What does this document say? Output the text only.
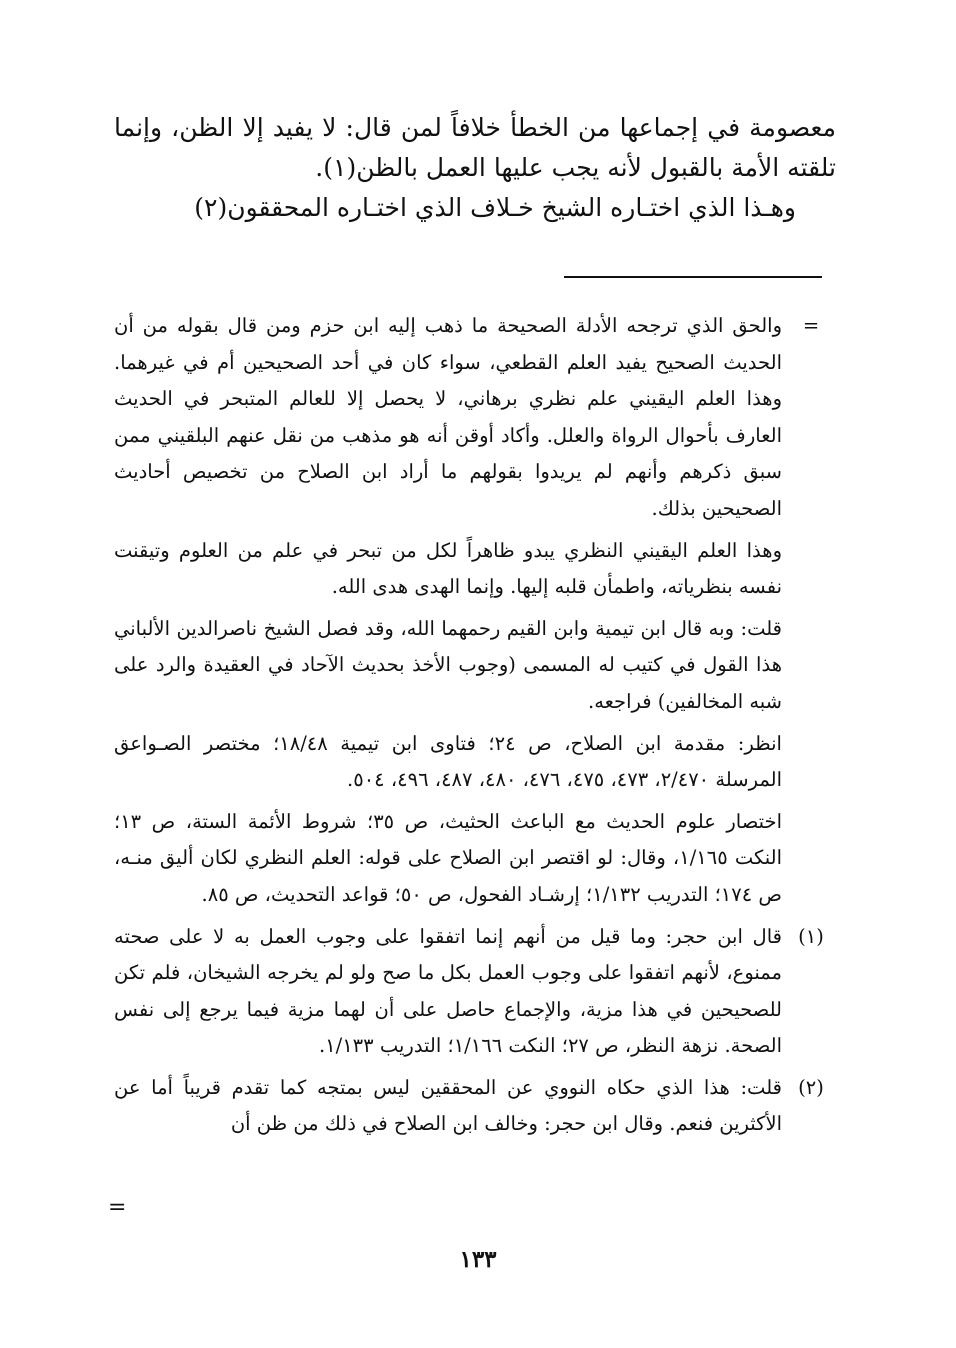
معصومة في إجماعها من الخطأ خلافاً لمن قال: لا يفيد إلا الظن، وإنما تلقته الأمة بالقبول لأنه يجب عليها العمل بالظن(١).

وهـذا الذي اختـاره الشيخ خـلاف الذي اختـاره المحققون(٢)

=

والحق الذي ترجحه الأدلة الصحيحة ما ذهب إليه ابن حزم ومن قال بقوله من أن الحديث الصحيح يفيد العلم القطعي، سواء كان في أحد الصحيحين أم في غيرهما. وهذا العلم اليقيني علم نظري برهاني، لا يحصل إلا للعالم المتبحر في الحديث العارف بأحوال الرواة والعلل. وأكاد أوقن أنه هو مذهب من نقل عنهم البلقيني ممن سبق ذكرهم وأنهم لم يريدوا بقولهم ما أراد ابن الصلاح من تخصيص أحاديث الصحيحين بذلك.

وهذا العلم اليقيني النظري يبدو ظاهراً لكل من تبحر في علم من العلوم وتيقنت نفسه بنظرياته، واطمأن قلبه إليها. وإنما الهدى هدى الله.

قلت: وبه قال ابن تيمية وابن القيم رحمهما الله، وقد فصل الشيخ ناصرالدين الألباني هذا القول في كتيب له المسمى (وجوب الأخذ بحديث الآحاد في العقيدة والرد على شبه المخالفين) فراجعه.

انظر: مقدمة ابن الصلاح، ص ٢٤؛ فتاوى ابن تيمية ١٨/٤٨؛ مختصر الصـواعق المرسلة ٢/٤٧٠، ٤٧٣، ٤٧٥، ٤٧٦، ٤٨٠، ٤٨٧، ٤٩٦، ٥٠٤.

اختصار علوم الحديث مع الباعث الحثيث، ص ٣٥؛ شروط الأئمة الستة، ص ١٣؛ النكت ١/١٦٥، وقال: لو اقتصر ابن الصلاح على قوله: العلم النظري لكان أليق منـه، ص ١٧٤؛ التدريب ١/١٣٢؛ إرشـاد الفحول، ص ٥٠؛ قواعد التحديث، ص ٨٥.

(١)

قال ابن حجر: وما قيل من أنهم إنما اتفقوا على وجوب العمل به لا على صحته ممنوع، لأنهم اتفقوا على وجوب العمل بكل ما صح ولو لم يخرجه الشيخان، فلم تكن للصحيحين في هذا مزية، والإجماع حاصل على أن لهما مزية فيما يرجع إلى نفس الصحة. نزهة النظر، ص ٢٧؛ النكت ١/١٦٦؛ التدريب ١/١٣٣.

(٢)

قلت: هذا الذي حكاه النووي عن المحققين ليس بمتجه كما تقدم قريباً أما عن الأكثرين فنعم. وقال ابن حجر: وخالف ابن الصلاح في ذلك من ظن أن

=
١٣٣
